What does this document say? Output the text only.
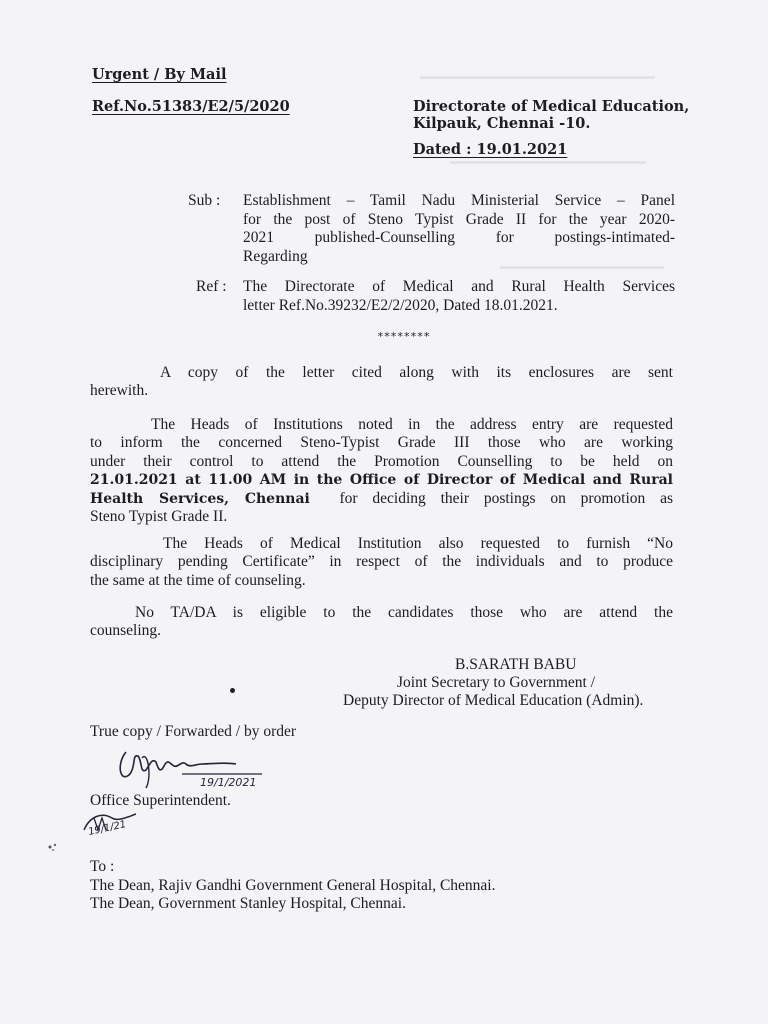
━━━━━━━━━━━━━━━━━━━━━━━━━━━━━━
━━━━━━━━━━━━━━━━━━━━━━━━━
━━━━━━━━━━━━━━━━━━━━━
Urgent / By Mail
Ref.No.51383/E2/5/2020	Directorate of Medical Education,
Kilpauk, Chennai -10.
Dated : 19.01.2021
Sub : Establishment – Tamil Nadu Ministerial Service – Panel
for the post of Steno Typist Grade II for the year 2020-
2021 published-Counselling for postings-intimated-
Regarding
Ref : The Directorate of Medical and Rural Health Services
letter Ref.No.39232/E2/2/2020, Dated 18.01.2021.
********
A copy of the letter cited along with its enclosures are sent
herewith.
The Heads of Institutions noted in the address entry are requested
to inform the concerned Steno-Typist Grade III those who are working
under their control to attend the Promotion Counselling to be held on
21.01.2021 at 11.00 AM in the Office of Director of Medical and Rural
Health Services, Chennai for deciding their postings on promotion as
Steno Typist Grade II.
The Heads of Medical Institution also requested to furnish “No
disciplinary pending Certificate” in respect of the individuals and to produce
the same at the time of counseling.
No TA/DA is eligible to the candidates those who are attend the
counseling.
B.SARATH BABU
Joint Secretary to Government /
Deputy Director of Medical Education (Admin).
True copy / Forwarded / by order
19/1/2021
Office Superintendent.
19/1/21
To :
The Dean, Rajiv Gandhi Government General Hospital, Chennai.
The Dean, Government Stanley Hospital, Chennai.
